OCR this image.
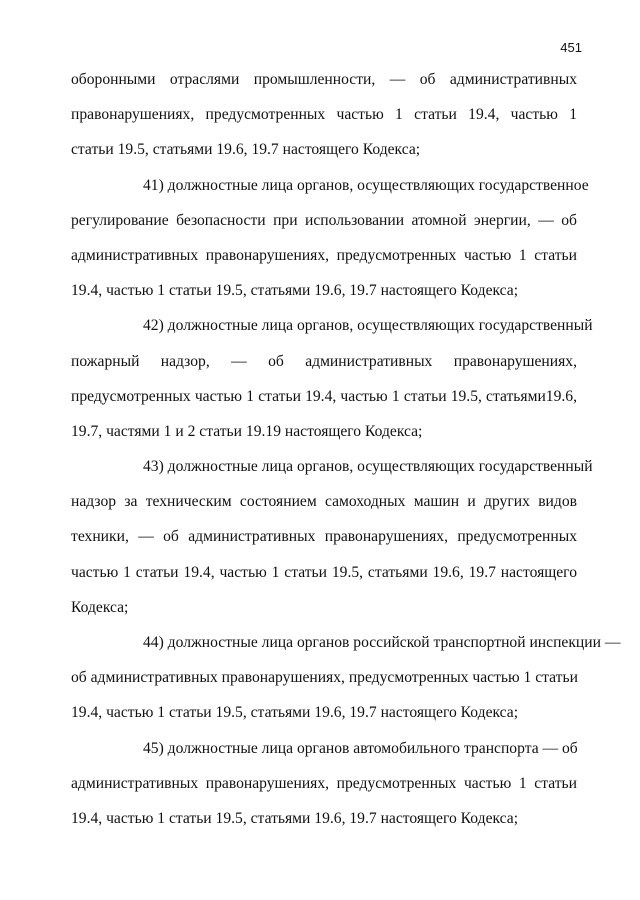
451
оборонными отраслями промышленности, — об административных
правонарушениях, предусмотренных частью 1 статьи 19.4, частью 1
статьи 19.5, статьями 19.6, 19.7 настоящего Кодекса;
41) должностные лица органов, осуществляющих государственное
регулирование безопасности при использовании атомной энергии, — об
административных правонарушениях, предусмотренных частью 1 статьи
19.4, частью 1 статьи 19.5, статьями 19.6, 19.7 настоящего Кодекса;
42) должностные лица органов, осуществляющих государственный
пожарный надзор, — об административных правонарушениях,
предусмотренных частью 1 статьи 19.4, частью 1 статьи 19.5, статьями19.6,
19.7, частями 1 и 2 статьи 19.19 настоящего Кодекса;
43) должностные лица органов, осуществляющих государственный
надзор за техническим состоянием самоходных машин и других видов
техники, — об административных правонарушениях, предусмотренных
частью 1 статьи 19.4, частью 1 статьи 19.5, статьями 19.6, 19.7 настоящего
Кодекса;
44) должностные лица органов российской транспортной инспекции —
об административных правонарушениях, предусмотренных частью 1 статьи
19.4, частью 1 статьи 19.5, статьями 19.6, 19.7 настоящего Кодекса;
45) должностные лица органов автомобильного транспорта — об
административных правонарушениях, предусмотренных частью 1 статьи
19.4, частью 1 статьи 19.5, статьями 19.6, 19.7 настоящего Кодекса;
